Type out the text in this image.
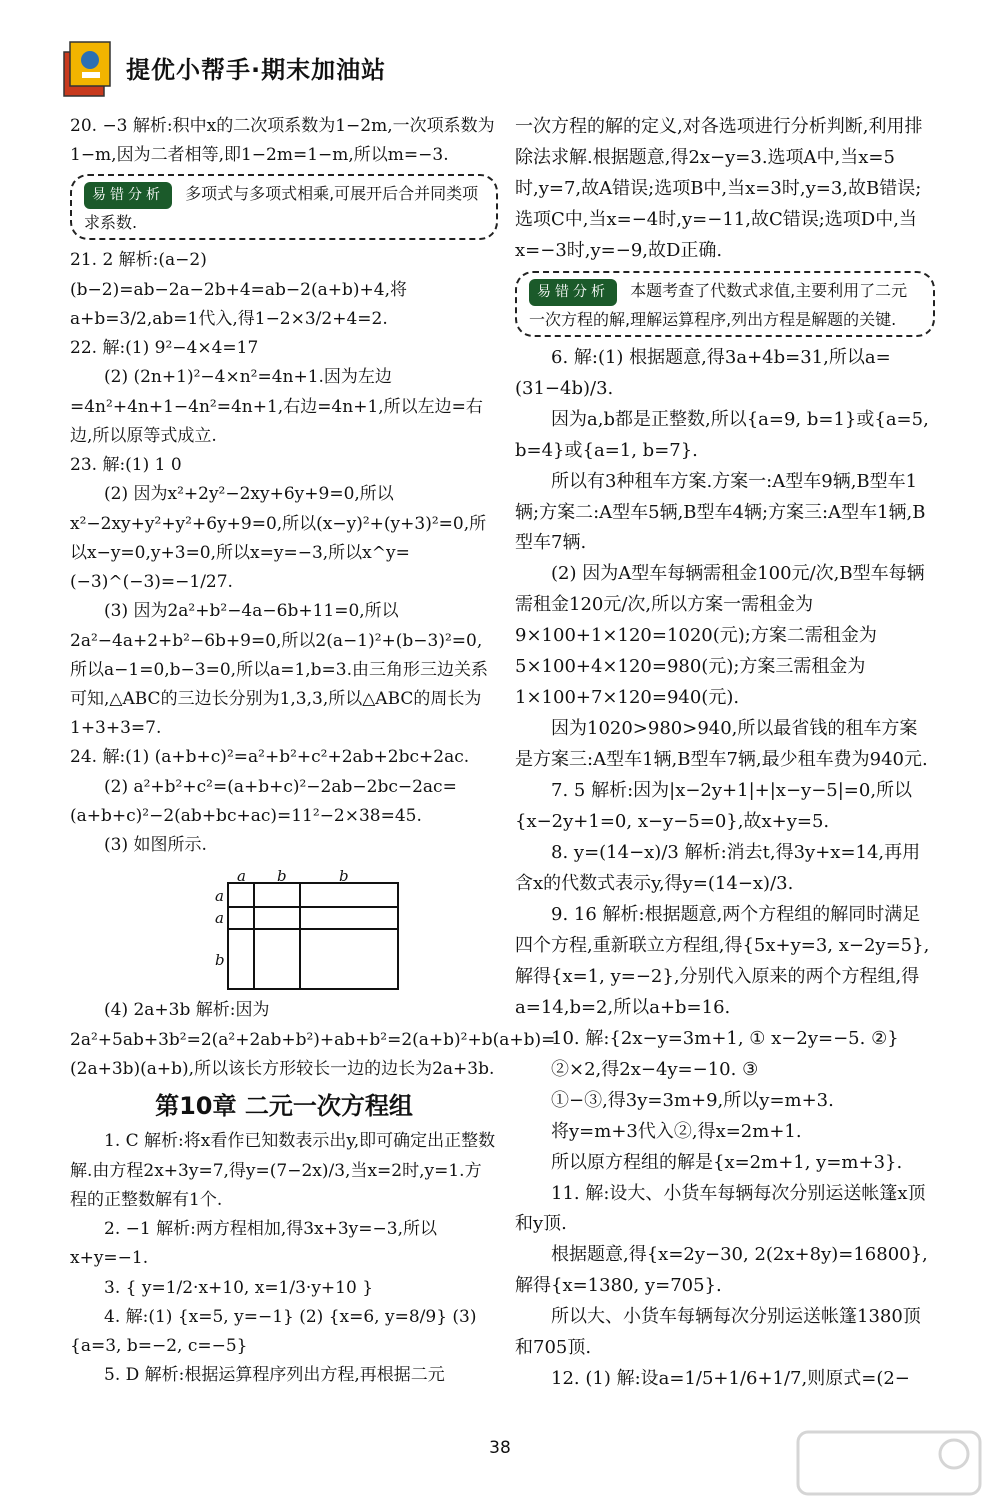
提优小帮手·期末加油站

20. −3 解析:积中x的二次项系数为1−2m,一次项系数为1−m,因为二者相等,即1−2m=1−m,所以m=−3.

易错分析 多项式与多项式相乘,可展开后合并同类项求系数.

21. 2 解析:(a−2)(b−2)=ab−2a−2b+4=ab−2(a+b)+4,将a+b=3/2,ab=1代入,得1−2×3/2+4=2.

22. 解:(1) 9²−4×4=17

(2) (2n+1)²−4×n²=4n+1.因为左边=4n²+4n+1−4n²=4n+1,右边=4n+1,所以左边=右边,所以原等式成立.

23. 解:(1) 1 0

(2) 因为x²+2y²−2xy+6y+9=0,所以x²−2xy+y²+y²+6y+9=0,所以(x−y)²+(y+3)²=0,所以x−y=0,y+3=0,所以x=y=−3,所以x^y=(−3)^(−3)=−1/27.

(3) 因为2a²+b²−4a−6b+11=0,所以2a²−4a+2+b²−6b+9=0,所以2(a−1)²+(b−3)²=0,所以a−1=0,b−3=0,所以a=1,b=3.由三角形三边关系可知,△ABC的三边长分别为1,3,3,所以△ABC的周长为1+3+3=7.

24. 解:(1) (a+b+c)²=a²+b²+c²+2ab+2bc+2ac.

(2) a²+b²+c²=(a+b+c)²−2ab−2bc−2ac=(a+b+c)²−2(ab+bc+ac)=11²−2×38=45.

(3) 如图所示.

a b	b
a
a
b

(4) 2a+3b 解析:因为2a²+5ab+3b²=2(a²+2ab+b²)+ab+b²=2(a+b)²+b(a+b)=(2a+3b)(a+b),所以该长方形较长一边的边长为2a+3b.

第10章 二元一次方程组

1. C 解析:将x看作已知数表示出y,即可确定出正整数解.由方程2x+3y=7,得y=(7−2x)/3,当x=2时,y=1.方程的正整数解有1个.

2. −1 解析:两方程相加,得3x+3y=−3,所以x+y=−1.

3. { y=1/2·x+10, x=1/3·y+10 }

4. 解:(1) {x=5, y=−1} (2) {x=6, y=8/9} (3) {a=3, b=−2, c=−5}

5. D 解析:根据运算程序列出方程,再根据二元

一次方程的解的定义,对各选项进行分析判断,利用排除法求解.根据题意,得2x−y=3.选项A中,当x=5时,y=7,故A错误;选项B中,当x=3时,y=3,故B错误;选项C中,当x=−4时,y=−11,故C错误;选项D中,当x=−3时,y=−9,故D正确.

易错分析 本题考查了代数式求值,主要利用了二元一次方程的解,理解运算程序,列出方程是解题的关键.

6. 解:(1) 根据题意,得3a+4b=31,所以a=(31−4b)/3.

因为a,b都是正整数,所以{a=9, b=1}或{a=5, b=4}或{a=1, b=7}.

所以有3种租车方案.方案一:A型车9辆,B型车1辆;方案二:A型车5辆,B型车4辆;方案三:A型车1辆,B型车7辆.

(2) 因为A型车每辆需租金100元/次,B型车每辆需租金120元/次,所以方案一需租金为9×100+1×120=1020(元);方案二需租金为5×100+4×120=980(元);方案三需租金为1×100+7×120=940(元).

因为1020>980>940,所以最省钱的租车方案是方案三:A型车1辆,B型车7辆,最少租车费为940元.

7. 5 解析:因为|x−2y+1|+|x−y−5|=0,所以{x−2y+1=0, x−y−5=0},故x+y=5.

8. y=(14−x)/3 解析:消去t,得3y+x=14,再用含x的代数式表示y,得y=(14−x)/3.

9. 16 解析:根据题意,两个方程组的解同时满足四个方程,重新联立方程组,得{5x+y=3, x−2y=5},解得{x=1, y=−2},分别代入原来的两个方程组,得a=14,b=2,所以a+b=16.

10. 解:{2x−y=3m+1, ① x−2y=−5. ②}

②×2,得2x−4y=−10. ③

①−③,得3y=3m+9,所以y=m+3.

将y=m+3代入②,得x=2m+1.

所以原方程组的解是{x=2m+1, y=m+3}.

11. 解:设大、小货车每辆每次分别运送帐篷x顶和y顶.

根据题意,得{x=2y−30, 2(2x+8y)=16800},解得{x=1380, y=705}.

所以大、小货车每辆每次分别运送帐篷1380顶和705顶.

12. (1) 解:设a=1/5+1/6+1/7,则原式=(2−

38
